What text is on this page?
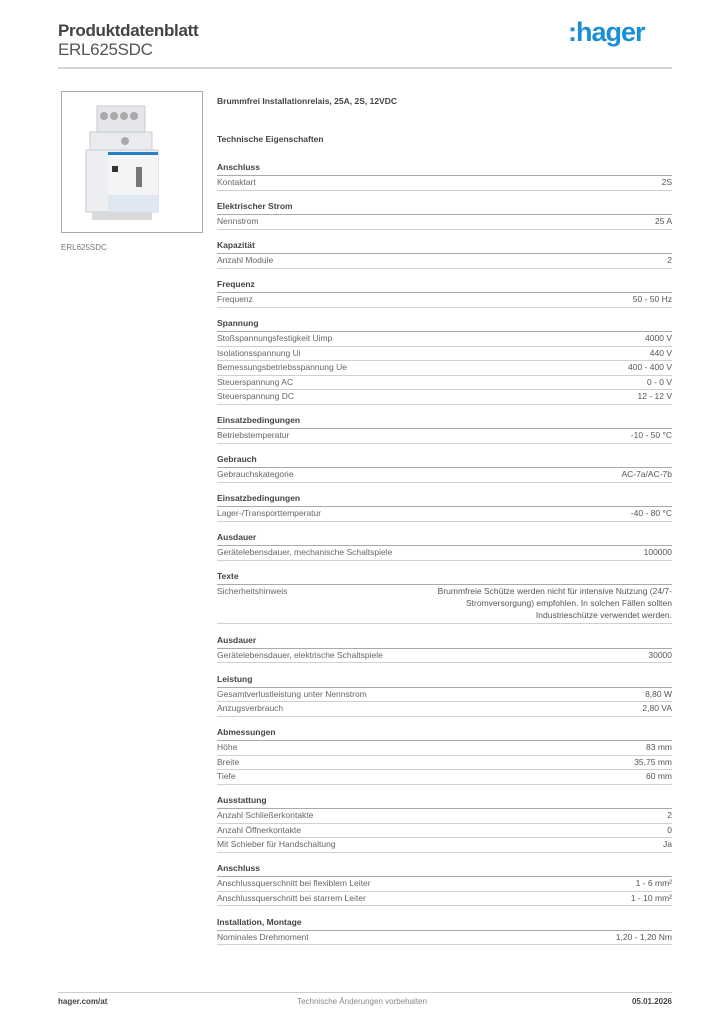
Produktdatenblatt
ERL625SDC
:hager
ERL625SDC
Brummfrei Installationrelais, 25A, 2S, 12VDC
Technische Eigenschaften
Anschluss
Kontaktart	2S
Elektrischer Strom
Nennstrom	25 A
Kapazität
Anzahl Module	2
Frequenz
Frequenz	50 - 50 Hz
Spannung
Stoßspannungsfestigkeit Uimp	4000 V
Isolationsspannung Ui	440 V
Bemessungsbetriebsspannung Ue	400 - 400 V
Steuerspannung AC	0 - 0 V
Steuerspannung DC	12 - 12 V
Einsatzbedingungen
Betriebstemperatur	-10 - 50 °C
Gebrauch
Gebrauchskategorie	AC-7a/AC-7b
Einsatzbedingungen
Lager-/Transporttemperatur	-40 - 80 °C
Ausdauer
Gerätelebensdauer, mechanische Schaltspiele	100000
Texte
Sicherheitshinweis	Brummfreie Schütze werden nicht für intensive Nutzung (24/7-Stromversorgung) empfohlen. In solchen Fällen sollten Industrieschütze verwendet werden.
Ausdauer
Gerätelebensdauer, elektrische Schaltspiele	30000
Leistung
Gesamtverlustleistung unter Nennstrom	8,80 W
Anzugsverbrauch	2,80 VA
Abmessungen
Höhe	83 mm
Breite	35,75 mm
Tiefe	60 mm
Ausstattung
Anzahl Schließerkontakte	2
Anzahl Öffnerkontakte	0
Mit Schieber für Handschaltung	Ja
Anschluss
Anschlussquerschnitt bei flexiblem Leiter	1 - 6 mm²
Anschlussquerschnitt bei starrem Leiter	1 - 10 mm²
Installation, Montage
Nominales Drehmoment	1,20 - 1,20 Nm
hager.com/at	Technische Änderungen vorbehalten	05.01.2026
